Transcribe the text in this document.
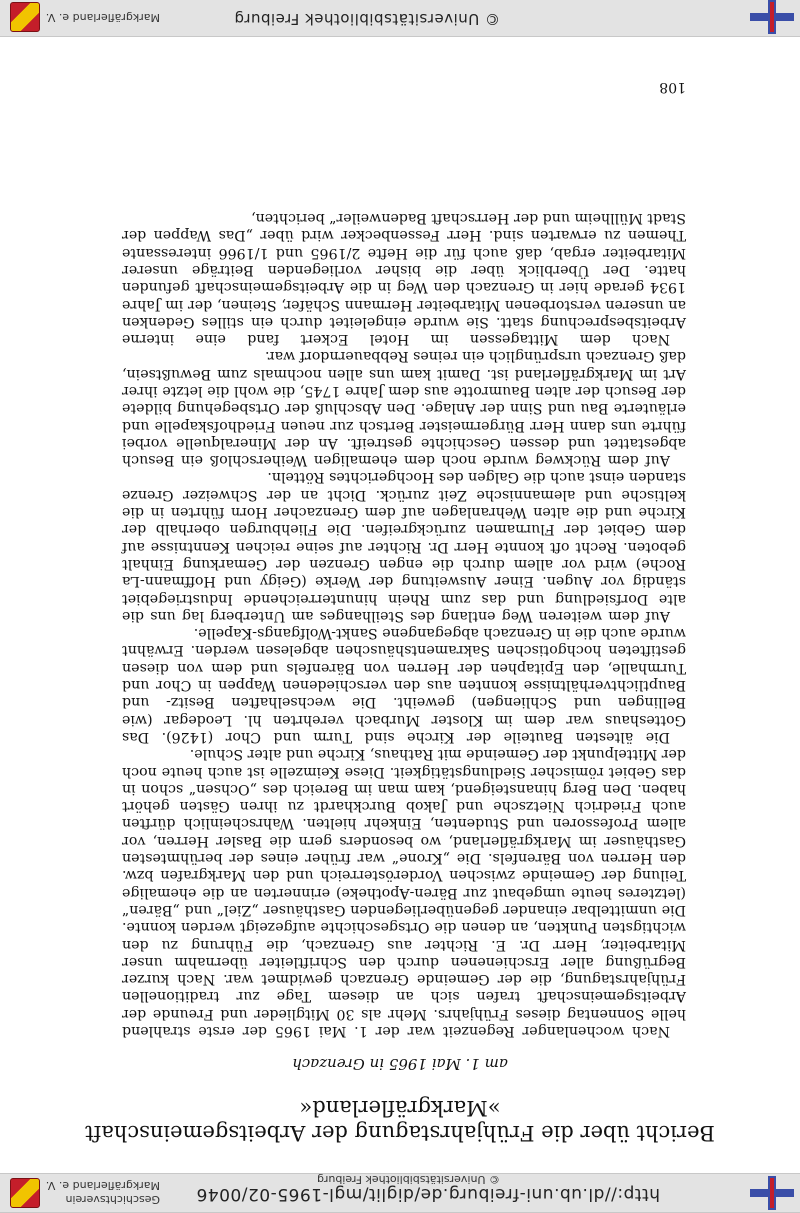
© Universitätsbibliothek Freiburg
Markgräflerland e. V.
Bericht über die Frühjahrstagung der Arbeitsgemeinschaft
»Markgräflerland«
am 1. Mai 1965 in Grenzach

Nach wochenlanger Regenzeit war der 1. Mai 1965 der erste strahlend helle Sonnentag dieses Frühjahrs. Mehr als 30 Mitglieder und Freunde der Arbeitsgemeinschaft trafen sich an diesem Tage zur traditionellen Frühjahrstagung, die der Gemeinde Grenzach gewidmet war. Nach kurzer Begrüßung aller Erschienenen durch den Schriftleiter übernahm unser Mitarbeiter, Herr Dr. E. Richter aus Grenzach, die Führung zu den wichtigsten Punkten, an denen die Ortsgeschichte aufgezeigt werden konnte. Die unmittelbar einander gegenüberliegenden Gasthäuser „Ziel“ und „Bären“ (letzteres heute umgebaut zur Bären-Apotheke) erinnerten an die ehemalige Teilung der Gemeinde zwischen Vorderösterreich und den Markgrafen bzw. den Herren von Bärenfels. Die „Krone“ war früher eines der berühmtesten Gasthäuser im Markgräflerland, wo besonders gern die Basler Herren, vor allem Professoren und Studenten, Einkehr hielten. Wahrscheinlich dürften auch Friedrich Nietzsche und Jakob Burckhardt zu ihren Gästen gehört haben. Den Berg hinansteigend, kam man im Bereich des „Ochsen“ schon in das Gebiet römischer Siedlungstätigkeit. Diese Keimzelle ist auch heute noch der Mittelpunkt der Gemeinde mit Rathaus, Kirche und alter Schule.

Die ältesten Bauteile der Kirche sind Turm und Chor (1426). Das Gotteshaus war dem im Kloster Murbach verehrten hl. Leodegar (wie Bellingen und Schliengen) geweiht. Die wechselhaften Besitz- und Bauptlichtverhältnisse konnten aus den verschiedenen Wappen in Chor und Turmhalle, den Epitaphen der Herren von Bärenfels und dem von diesen gestifteten hochgotischen Sakramentshäuschen abgelesen werden. Erwähnt wurde auch die in Grenzach abgegangene Sankt-Wolfgangs-Kapelle.

Auf dem weiteren Weg entlang des Steilhanges am Unterberg lag uns die alte Dorfsiedlung und das zum Rhein hinunterreichende Industriegebiet ständig vor Augen. Einer Ausweitung der Werke (Geigy und Hoffmann-La Roche) wird vor allem durch die engen Grenzen der Gemarkung Einhalt geboten. Recht oft konnte Herr Dr. Richter auf seine reichen Kenntnisse auf dem Gebiet der Flurnamen zurückgreifen. Die Fliehburgen oberhalb der Kirche und die alten Wehranlagen auf dem Grenzacher Horn führten in die keltische und alemannische Zeit zurück. Dicht an der Schweizer Grenze standen einst auch die Galgen des Hochgerichtes Rötteln.

Auf dem Rückweg wurde noch dem ehemaligen Weiherschloß ein Besuch abgestattet und dessen Geschichte gestreift. An der Mineralquelle vorbei führte uns dann Herr Bürgermeister Bertsch zur neuen Friedhofskapelle und erläuterte Bau und Sinn der Anlage. Den Abschluß der Ortsbegehung bildete der Besuch der alten Baumrotte aus dem Jahre 1745, die wohl die letzte ihrer Art im Markgräflerland ist. Damit kam uns allen nochmals zum Bewußtsein, daß Grenzach ursprünglich ein reines Rebbauerndorf war.

Nach dem Mittagessen im Hotel Eckert fand eine interne Arbeitsbesprechung statt. Sie wurde eingeleitet durch ein stilles Gedenken an unseren verstorbenen Mitarbeiter Hermann Schäfer, Steinen, der im Jahre 1934 gerade hier in Grenzach den Weg in die Arbeitsgemeinschaft gefunden hatte. Der Überblick über die bisher vorliegenden Beiträge unserer Mitarbeiter ergab, daß auch für die Hefte 2/1965 und 1/1966 interessante Themen zu erwarten sind. Herr Fessenbecker wird über „Das Wappen der Stadt Müllheim und der Herrschaft Badenweiler“ berichten,

108
http://dl.ub.uni-freiburg.de/diglit/mgl-1965-02/0046
© Universitätsbibliothek Freiburg
Geschichtsverein
Markgräflerland e. V.
